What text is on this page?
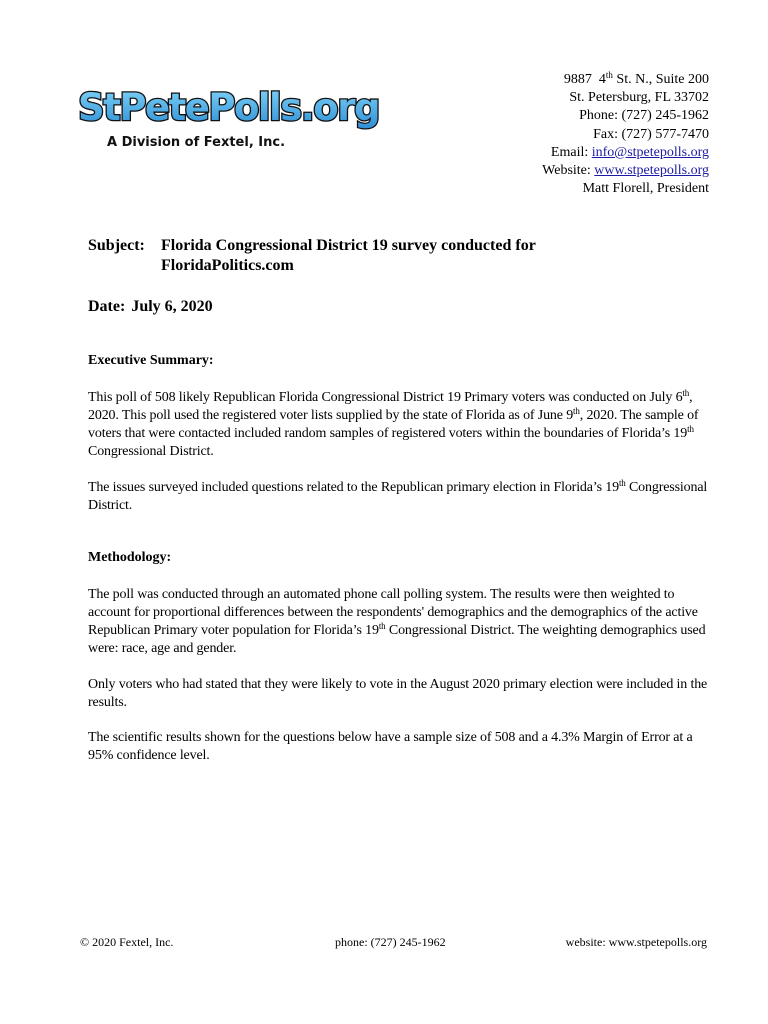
StPetePolls.org
A Division of Fextel, Inc.
9887 4th St. N., Suite 200
St. Petersburg, FL 33702
Phone: (727) 245-1962
Fax: (727) 577-7470
Email: info@stpetepolls.org
Website: www.stpetepolls.org
Matt Florell, President
Subject: Florida Congressional District 19 survey conducted for
FloridaPolitics.com
Date: July 6, 2020
Executive Summary:
This poll of 508 likely Republican Florida Congressional District 19 Primary voters was conducted on July 6th, 2020. This poll used the registered voter lists supplied by the state of Florida as of June 9th, 2020. The sample of voters that were contacted included random samples of registered voters within the boundaries of Florida’s 19th Congressional District.
The issues surveyed included questions related to the Republican primary election in Florida’s 19th Congressional District.
Methodology:
The poll was conducted through an automated phone call polling system. The results were then weighted to account for proportional differences between the respondents' demographics and the demographics of the active Republican Primary voter population for Florida’s 19th Congressional District. The weighting demographics used were: race, age and gender.
Only voters who had stated that they were likely to vote in the August 2020 primary election were included in the results.
The scientific results shown for the questions below have a sample size of 508 and a 4.3% Margin of Error at a 95% confidence level.
© 2020 Fextel, Inc.	phone: (727) 245-1962	website: www.stpetepolls.org
